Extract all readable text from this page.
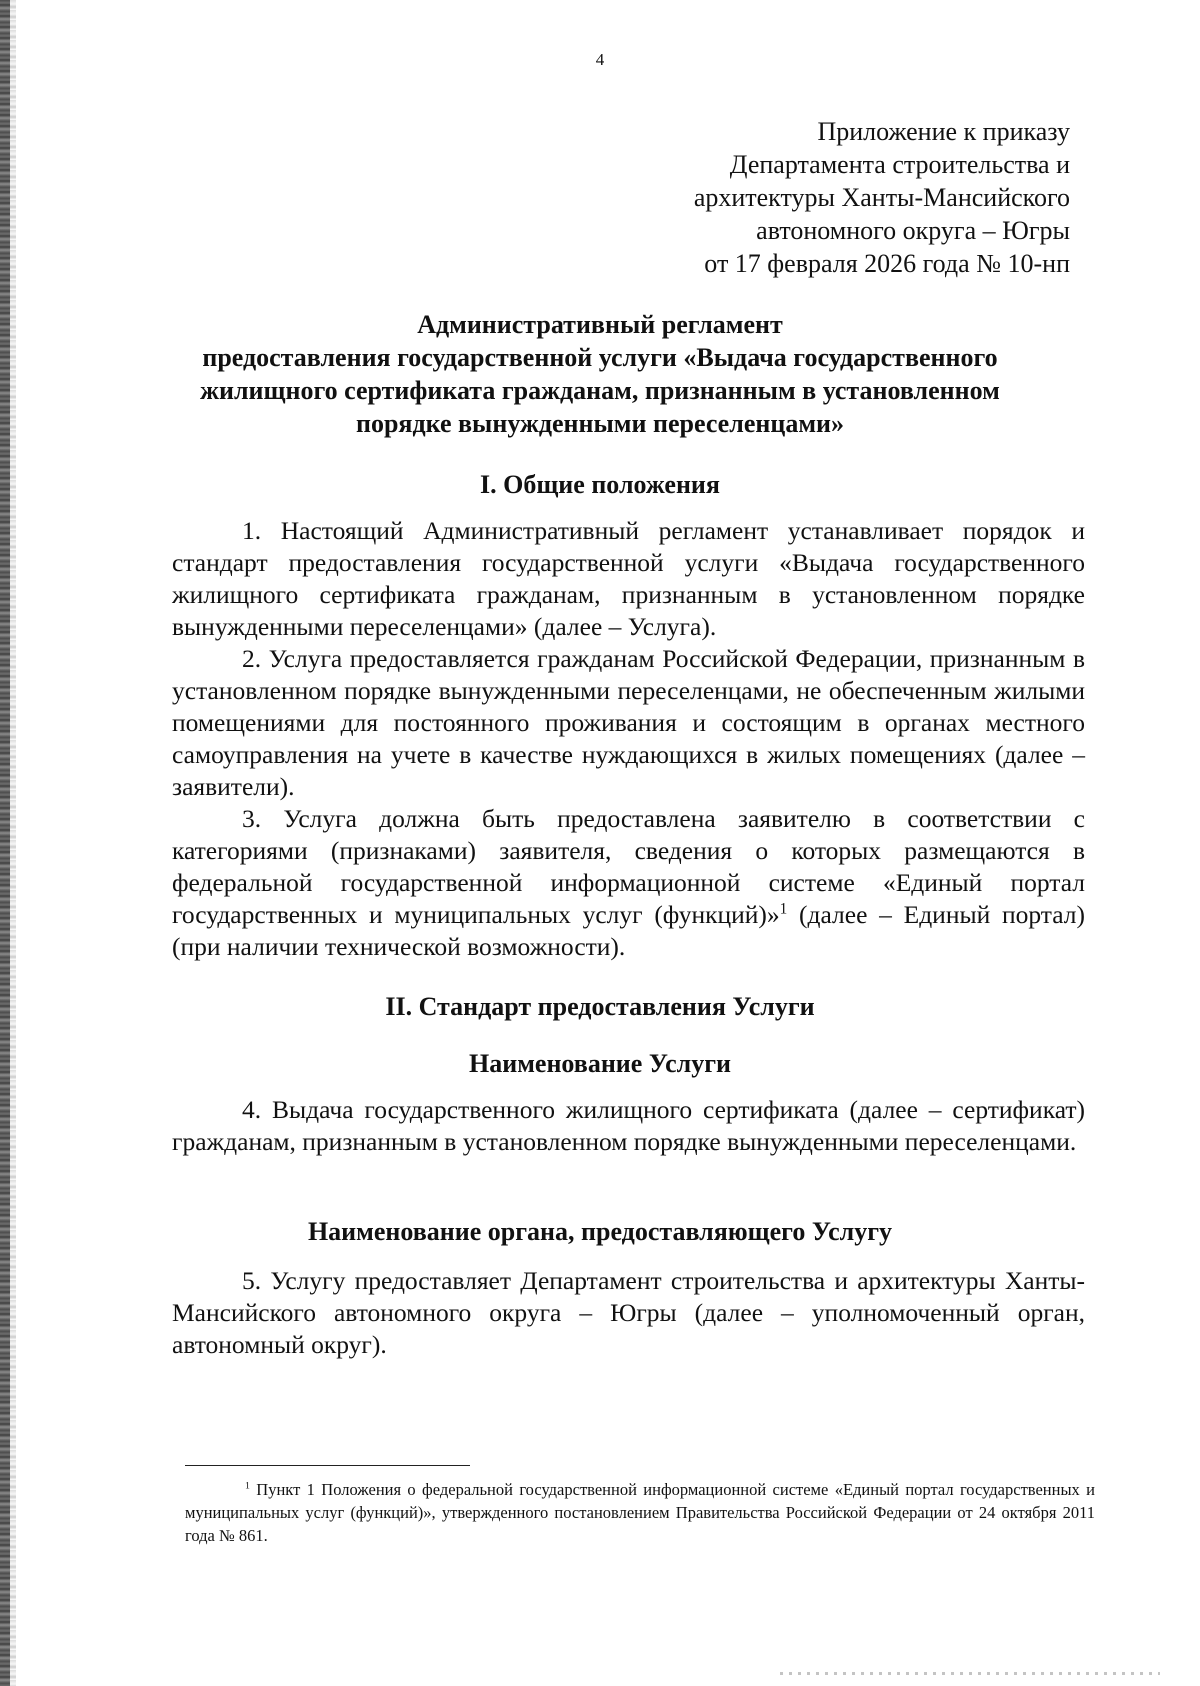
4
Приложение к приказу
Департамента строительства и
архитектуры Ханты-Мансийского
автономного округа – Югры
от 17 февраля 2026 года № 10-нп
Административный регламент
предоставления государственной услуги «Выдача государственного
жилищного сертификата гражданам, признанным в установленном
порядке вынужденными переселенцами»
I. Общие положения
1. Настоящий Административный регламент устанавливает порядок и стандарт предоставления государственной услуги «Выдача государственного жилищного сертификата гражданам, признанным в установленном порядке вынужденными переселенцами» (далее – Услуга).
2. Услуга предоставляется гражданам Российской Федерации, признанным в установленном порядке вынужденными переселенцами, не обеспеченным жилыми помещениями для постоянного проживания и состоящим в органах местного самоуправления на учете в качестве нуждающихся в жилых помещениях (далее – заявители).
3. Услуга должна быть предоставлена заявителю в соответствии с категориями (признаками) заявителя, сведения о которых размещаются в федеральной государственной информационной системе «Единый портал государственных и муниципальных услуг (функций)»$^1$ (далее – Единый портал) (при наличии технической возможности).
II. Стандарт предоставления Услуги
Наименование Услуги
4. Выдача государственного жилищного сертификата (далее – сертификат) гражданам, признанным в установленном порядке вынужденными переселенцами.
Наименование органа, предоставляющего Услугу
5. Услугу предоставляет Департамент строительства и архитектуры Ханты-Мансийского автономного округа – Югры (далее – уполномоченный орган, автономный округ).
$^1$ Пункт 1 Положения о федеральной государственной информационной системе «Единый портал государственных и муниципальных услуг (функций)», утвержденного постановлением Правительства Российской Федерации от 24 октября 2011 года № 861.
